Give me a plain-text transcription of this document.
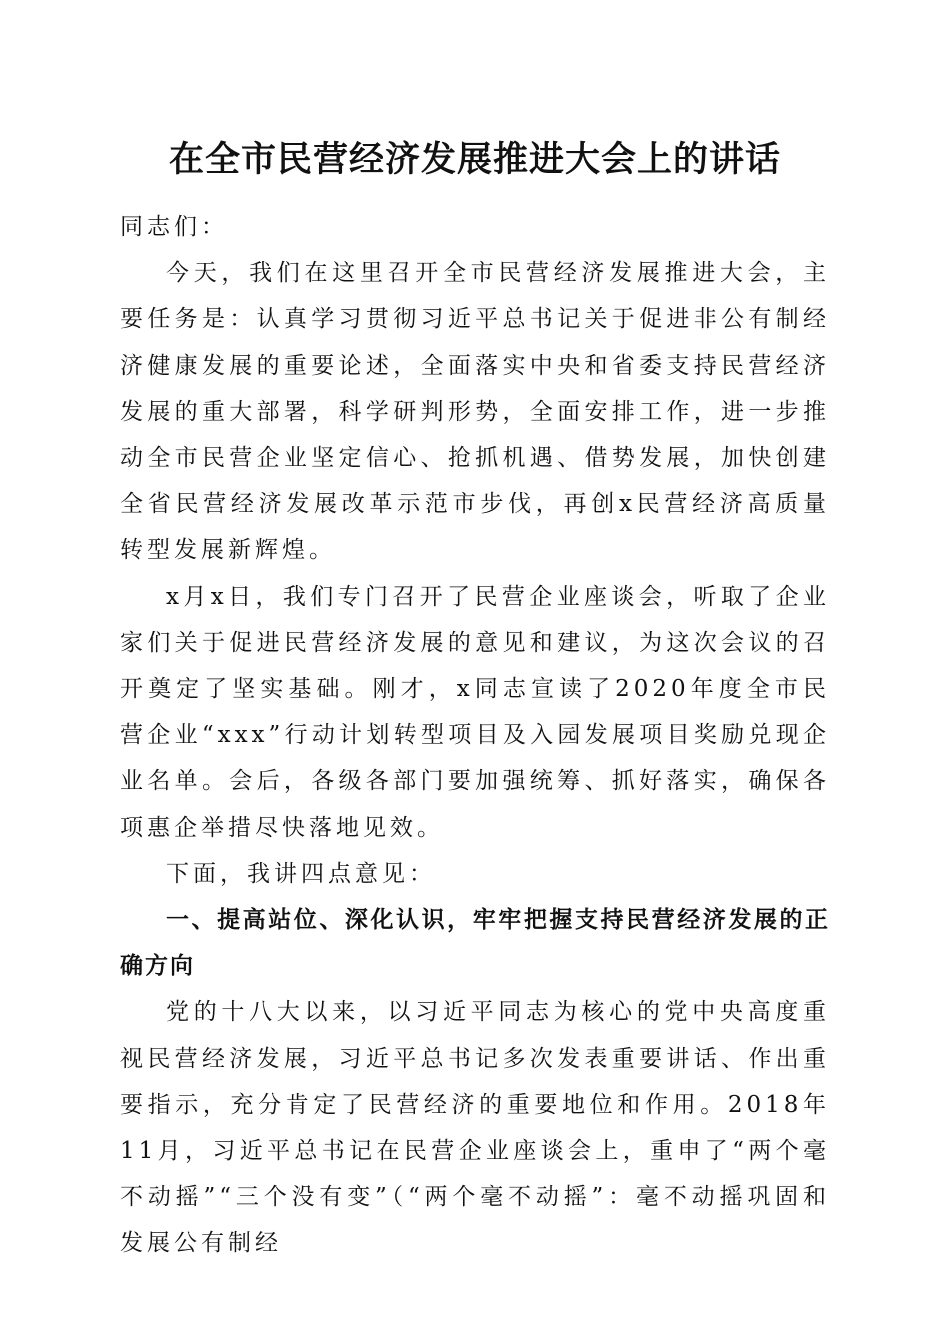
在全市民营经济发展推进大会上的讲话

同志们：

今天，我们在这里召开全市民营经济发展推进大会，主要任务是：认真学习贯彻习近平总书记关于促进非公有制经济健康发展的重要论述，全面落实中央和省委支持民营经济发展的重大部署，科学研判形势，全面安排工作，进一步推动全市民营企业坚定信心、抢抓机遇、借势发展，加快创建全省民营经济发展改革示范市步伐，再创x民营经济高质量转型发展新辉煌。

x月x日，我们专门召开了民营企业座谈会，听取了企业家们关于促进民营经济发展的意见和建议，为这次会议的召开奠定了坚实基础。刚才，x同志宣读了2020年度全市民营企业“xxx”行动计划转型项目及入园发展项目奖励兑现企业名单。会后，各级各部门要加强统筹、抓好落实，确保各项惠企举措尽快落地见效。

下面，我讲四点意见：

一、提高站位、深化认识，牢牢把握支持民营经济发展的正确方向

党的十八大以来，以习近平同志为核心的党中央高度重视民营经济发展，习近平总书记多次发表重要讲话、作出重要指示，充分肯定了民营经济的重要地位和作用。2018年11月，习近平总书记在民营企业座谈会上，重申了“两个毫不动摇”“三个没有变”（“两个毫不动摇”：毫不动摇巩固和发展公有制经
